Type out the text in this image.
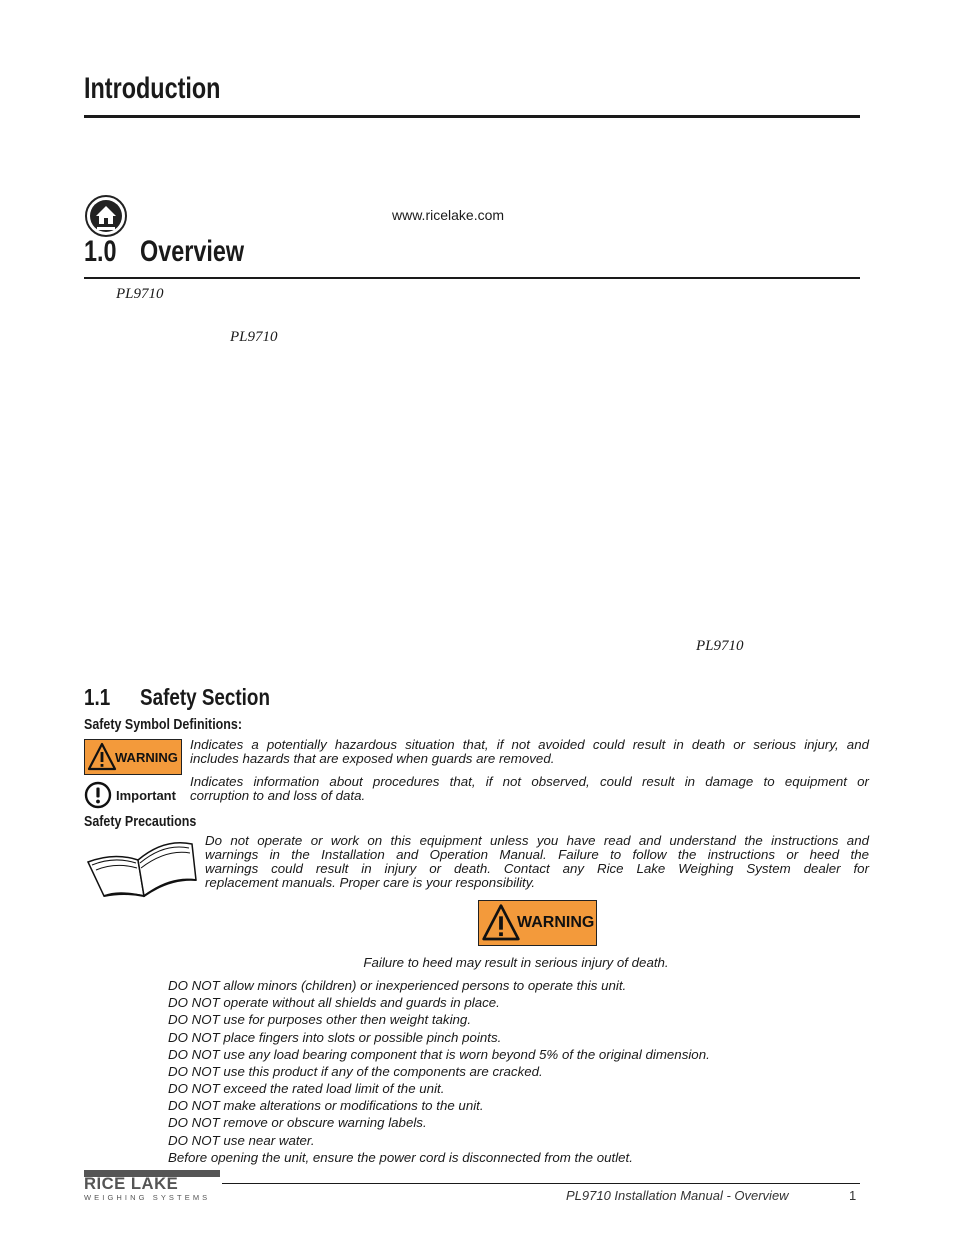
Introduction
www.ricelake.com
1.0 Overview
PL9710
PL9710
PL9710
1.1 Safety Section
Safety Symbol Definitions:
WARNING
Indicates a potentially hazardous situation that, if not avoided could result in death or serious injury, and
includes hazards that are exposed when guards are removed.
Important
Indicates information about procedures that, if not observed, could result in damage to equipment or
corruption to and loss of data.
Safety Precautions
Do not operate or work on this equipment unless you have read and understand the instructions and
warnings in the Installation and Operation Manual. Failure to follow the instructions or heed the
warnings could result in injury or death. Contact any Rice Lake Weighing System dealer for
replacement manuals. Proper care is your responsibility.
WARNING
Failure to heed may result in serious injury of death.
DO NOT allow minors (children) or inexperienced persons to operate this unit.
DO NOT operate without all shields and guards in place.
DO NOT use for purposes other then weight taking.
DO NOT place fingers into slots or possible pinch points.
DO NOT use any load bearing component that is worn beyond 5% of the original dimension.
DO NOT use this product if any of the components are cracked.
DO NOT exceed the rated load limit of the unit.
DO NOT make alterations or modifications to the unit.
DO NOT remove or obscure warning labels.
DO NOT use near water.
Before opening the unit, ensure the power cord is disconnected from the outlet.
RICE LAKE
WEIGHING SYSTEMS	PL9710 Installation Manual - Overview	1
